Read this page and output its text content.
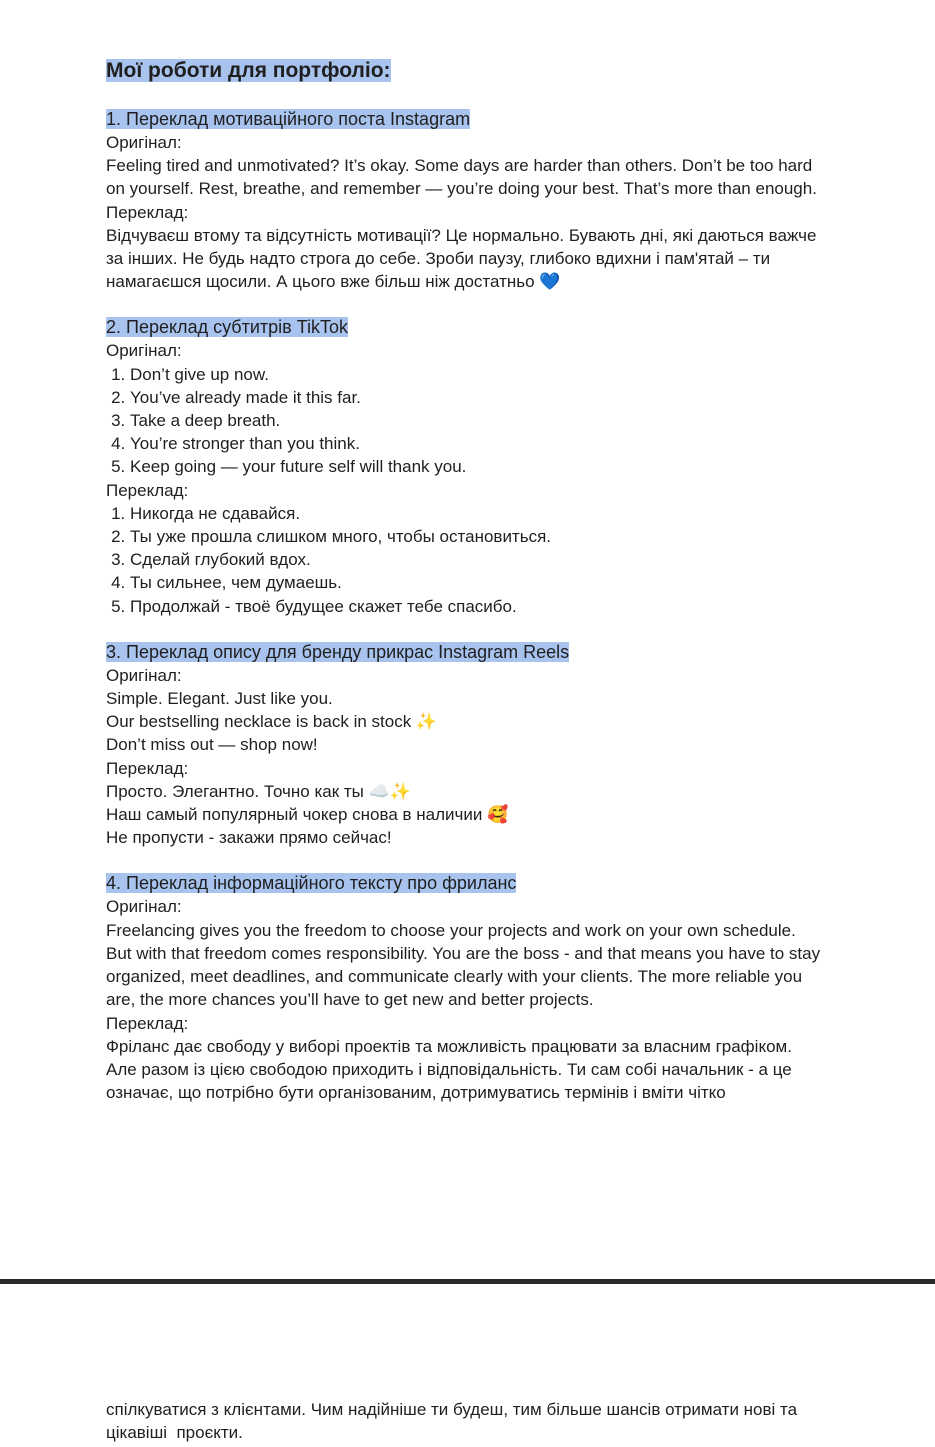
Мої роботи для портфоліо:

1. Переклад мотиваційного поста Instagram

Оригінал:

Feeling tired and unmotivated? It’s okay. Some days are harder than others. Don’t be too hard on yourself. Rest, breathe, and remember — you’re doing your best. That’s more than enough.

Переклад:

Відчуваєш втому та відсутність мотивації? Це нормально. Бувають дні, які даються важче за інших. Не будь надто строга до себе. Зроби паузу, глибоко вдихни і пам'ятай – ти намагаєшся щосили. А цього вже більш ніж достатньо 💙

2. Переклад субтитрів TikTok

Оригінал:

1. Don’t give up now.
2. You’ve already made it this far.
3. Take a deep breath.
4. You’re stronger than you think.
5. Keep going — your future self will thank you.

Переклад:

1. Никогда не сдавайся.
2. Ты уже прошла слишком много, чтобы остановиться.
3. Сделай глубокий вдох.
4. Ты сильнее, чем думаешь.
5. Продолжай - твоё будущее скажет тебе спасибо.

3. Переклад опису для бренду прикрас Instagram Reels

Оригінал:

Simple. Elegant. Just like you.

Our bestselling necklace is back in stock ✨

Don’t miss out — shop now!

Переклад:

Просто. Элегантно. Точно как ты ☁️✨

Наш самый популярный чокер снова в наличии 🥰

Не пропусти - закажи прямо сейчас!

4. Переклад інформаційного тексту про фриланс

Оригінал:

Freelancing gives you the freedom to choose your projects and work on your own schedule. But with that freedom comes responsibility. You are the boss - and that means you have to stay organized, meet deadlines, and communicate clearly with your clients. The more reliable you are, the more chances you’ll have to get new and better projects.

Переклад:

Фріланс дає свободу у виборі проектів та можливість працювати за власним графіком. Але разом із цією свободою приходить і відповідальність. Ти сам собі начальник - а це означає, що потрібно бути організованим, дотримуватись термінів і вміти чітко

спілкуватися з клієнтами. Чим надійніше ти будеш, тим більше шансів отримати нові та цікавіші  проєкти.
